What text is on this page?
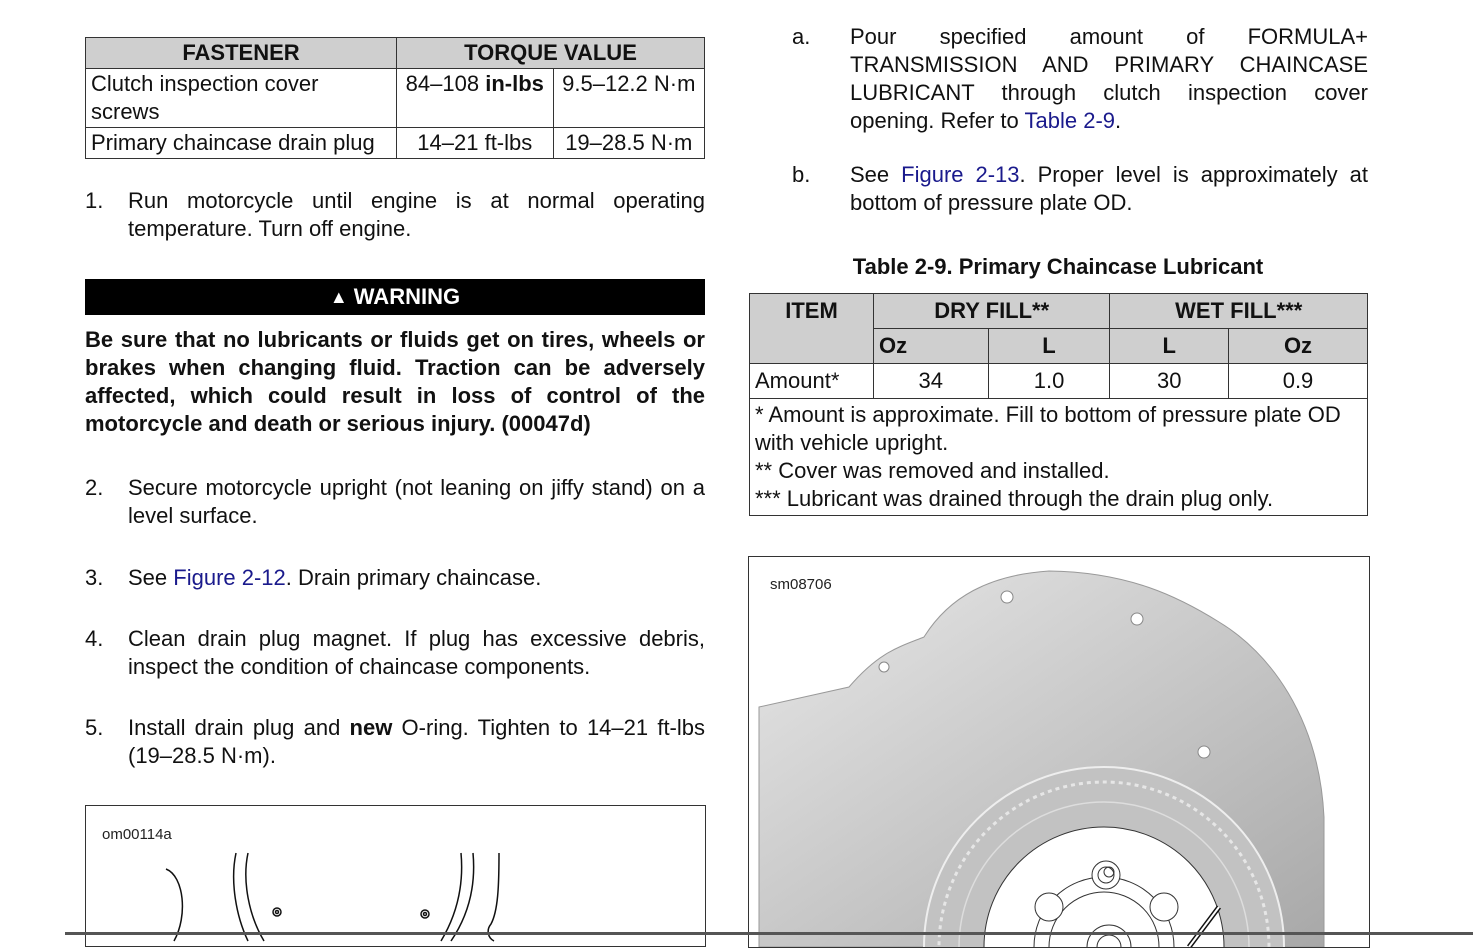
FASTENER	TORQUE VALUE	
Clutch inspection cover screws	84–108 in-lbs	9.5–12.2 N·m
Primary chaincase drain plug	14–21 ft-lbs	19–28.5 N·m
1. Run motorcycle until engine is at normal operating temperature. Turn off engine.
▲ WARNING
Be sure that no lubricants or fluids get on tires, wheels or brakes when changing fluid. Traction can be adversely affected, which could result in loss of control of the motorcycle and death or serious injury. (00047d)
2. Secure motorcycle upright (not leaning on jiffy stand) on a level surface.
3. See Figure 2-12. Drain primary chaincase.
4. Clean drain plug magnet. If plug has excessive debris, inspect the condition of chaincase components.
5. Install drain plug and new O-ring. Tighten to 14–21 ft-lbs (19–28.5 N·m).
om00114a
a. Pour specified amount of FORMULA+ TRANSMISSION AND PRIMARY CHAINCASE LUBRICANT through clutch inspection cover opening. Refer to Table 2-9.
b. See Figure 2-13. Proper level is approximately at bottom of pressure plate OD.
Table 2-9. Primary Chaincase Lubricant
ITEM	DRY FILL**		WET FILL***	
	Oz	L	L	Oz
Amount*	34	1.0	30	0.9

* Amount is approximate. Fill to bottom of pressure plate OD with vehicle upright.
** Cover was removed and installed.
*** Lubricant was drained through the drain plug only.				
sm08706
